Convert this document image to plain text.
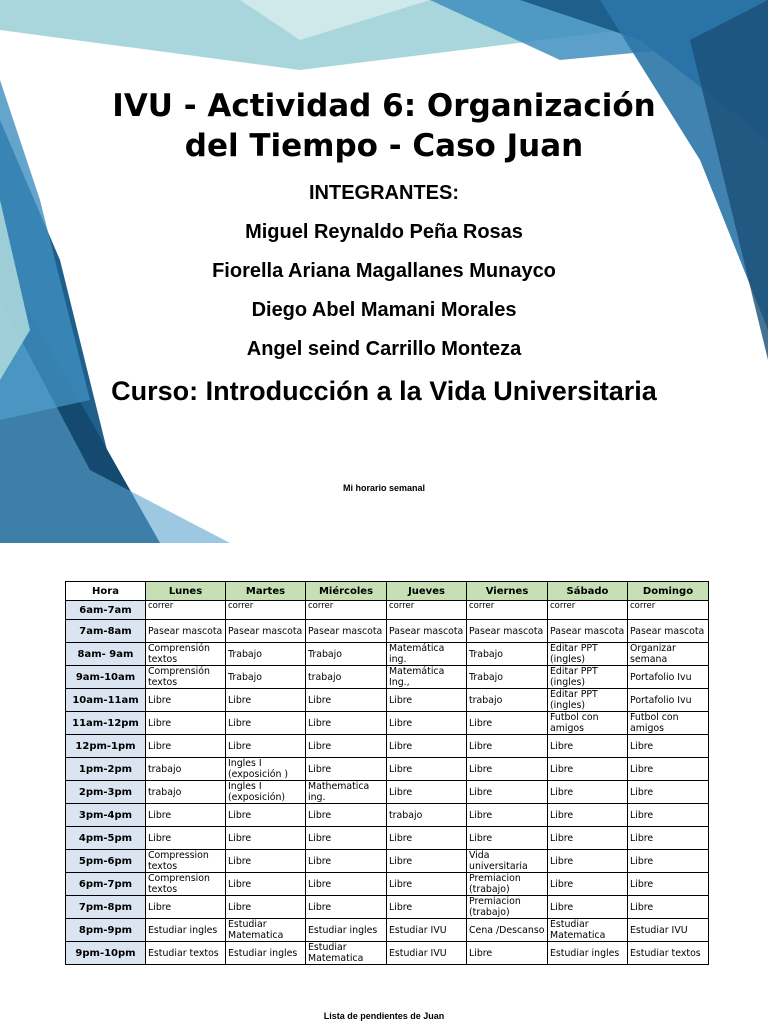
IVU - Actividad 6: Organización
del Tiempo - Caso Juan
INTEGRANTES:
Miguel Reynaldo Peña Rosas
Fiorella Ariana Magallanes Munayco
Diego Abel Mamani Morales
Angel seind Carrillo Monteza
Curso: Introducción a la Vida Universitaria
Mi horario semanal
Hora	Lunes	Martes	Miércoles	Jueves	Viernes	Sábado	Domingo
6am-7am	correr	correr	correr	correr	correr	correr	correr
7am-8am	Pasear mascota	Pasear mascota	Pasear mascota	Pasear mascota	Pasear mascota	Pasear mascota	Pasear mascota
8am- 9am	Comprensión textos	Trabajo	Trabajo	Matemática ing.	Trabajo	Editar PPT (ingles)	Organizar semana
9am-10am	Comprensión textos	Trabajo	trabajo	Matemática Ing.,	Trabajo	Editar PPT (ingles)	Portafolio Ivu
10am-11am	Libre	Libre	Libre	Libre	trabajo	Editar PPT (ingles)	Portafolio Ivu
11am-12pm	Libre	Libre	Libre	Libre	Libre	Futbol con amigos	Futbol con amigos
12pm-1pm	Libre	Libre	Libre	Libre	Libre	Libre	Libre
1pm-2pm	trabajo	Ingles I (exposición )	Libre	Libre	Libre	Libre	Libre
2pm-3pm	trabajo	Ingles I (exposición)	Mathematica ing.	Libre	Libre	Libre	Libre
3pm-4pm	Libre	Libre	Libre	trabajo	Libre	Libre	Libre
4pm-5pm	Libre	Libre	Libre	Libre	Libre	Libre	Libre
5pm-6pm	Compression textos	Libre	Libre	Libre	Vida universitaria	Libre	Libre
6pm-7pm	Comprension textos	Libre	Libre	Libre	Premiacion (trabajo)	Libre	Libre
7pm-8pm	Libre	Libre	Libre	Libre	Premiacion (trabajo)	Libre	Libre
8pm-9pm	Estudiar ingles	Estudiar Matematica	Estudiar ingles	Estudiar IVU	Cena /Descanso	Estudiar Matematica	Estudiar IVU
9pm-10pm	Estudiar textos	Estudiar ingles	Estudiar Matematica	Estudiar IVU	Libre	Estudiar ingles	Estudiar textos
Lista de pendientes de Juan
